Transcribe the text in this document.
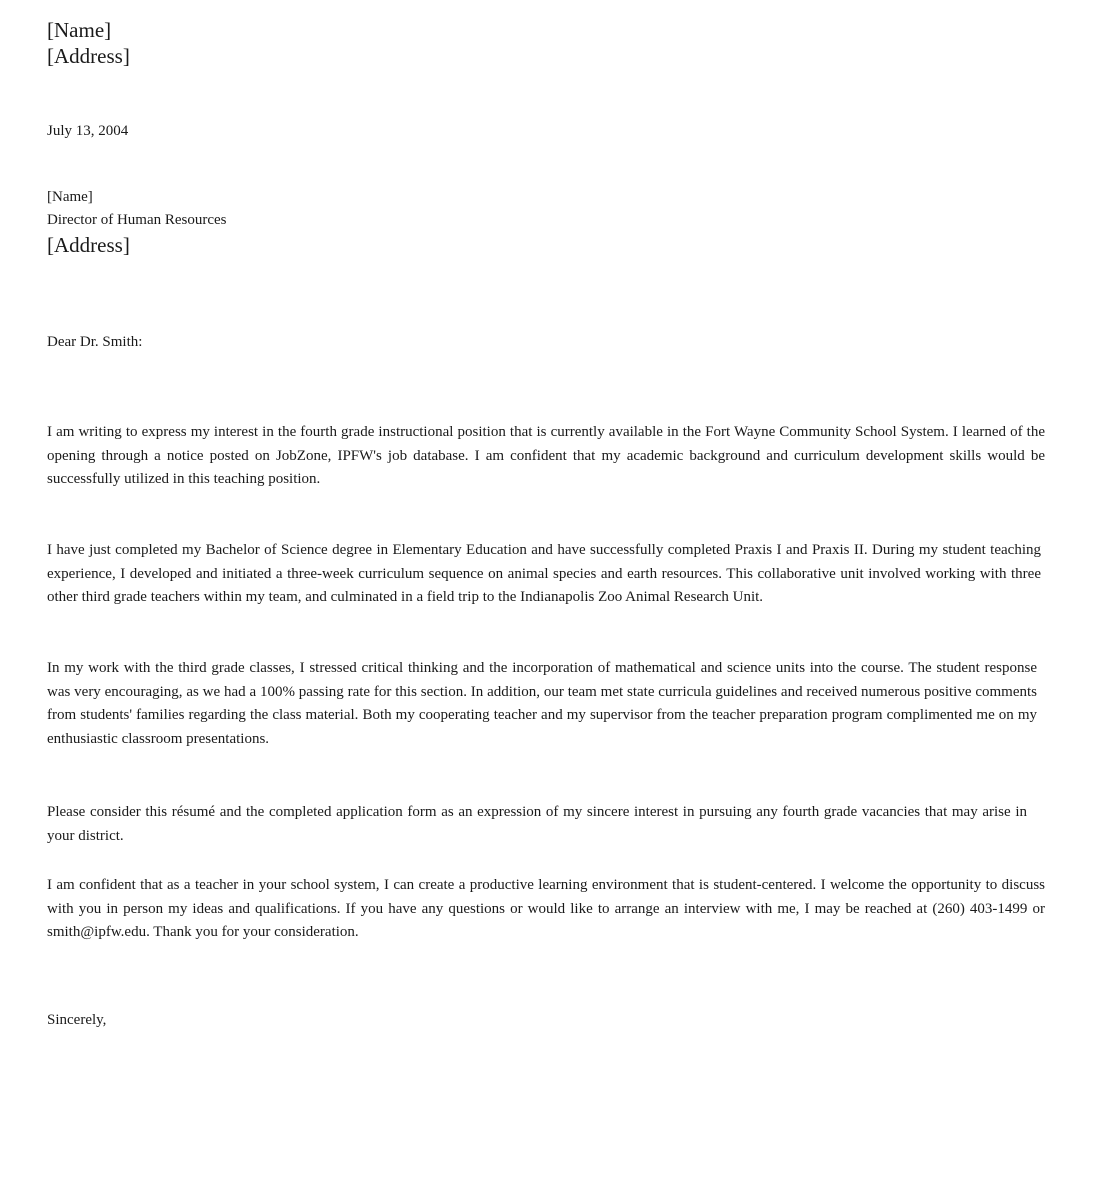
[Name]
[Address]
July 13, 2004
[Name]
Director of Human Resources
[Address]
Dear Dr. Smith:

I am writing to express my interest in the fourth grade instructional position that is currently available in the Fort Wayne Community School System. I learned of the opening through a notice posted on JobZone, IPFW's job database. I am confident that my academic background and curriculum development skills would be successfully utilized in this teaching position.

I have just completed my Bachelor of Science degree in Elementary Education and have successfully completed Praxis I and Praxis II. During my student teaching experience, I developed and initiated a three-week curriculum sequence on animal species and earth resources. This collaborative unit involved working with three other third grade teachers within my team, and culminated in a field trip to the Indianapolis Zoo Animal Research Unit.

In my work with the third grade classes, I stressed critical thinking and the incorporation of mathematical and science units into the course. The student response was very encouraging, as we had a 100% passing rate for this section. In addition, our team met state curricula guidelines and received numerous positive comments from students' families regarding the class material. Both my cooperating teacher and my supervisor from the teacher preparation program complimented me on my enthusiastic classroom presentations.

Please consider this résumé and the completed application form as an expression of my sincere interest in pursuing any fourth grade vacancies that may arise in your district.

I am confident that as a teacher in your school system, I can create a productive learning environment that is student-centered. I welcome the opportunity to discuss with you in person my ideas and qualifications. If you have any questions or would like to arrange an interview with me, I may be reached at (260) 403-1499 or smith@ipfw.edu. Thank you for your consideration.

Sincerely,
